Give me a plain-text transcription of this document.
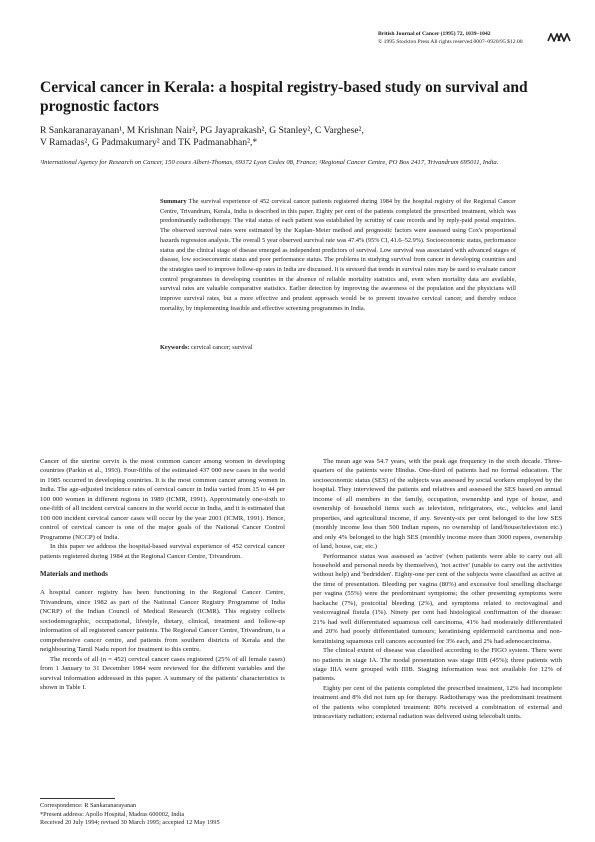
British Journal of Cancer (1995) 72, 1039–1042
© 1995 Stockton Press All rights reserved 0007–0920/95 $12.00
Cervical cancer in Kerala: a hospital registry-based study on survival and prognostic factors
R Sankaranarayanan¹, M Krishnan Nair², PG Jayaprakash², G Stanley², C Varghese²,
V Ramadas², G Padmakumary² and TK Padmanabhan²,*
¹International Agency for Research on Cancer, 150 cours Albert-Thomas, 69372 Lyon Cedex 08, France; ²Regional Cancer Centre, PO Box 2417, Trivandrum 695011, India.
Summary The survival experience of 452 cervical cancer patients registered during 1984 by the hospital registry of the Regional Cancer Centre, Trivandrum, Kerala, India is described in this paper. Eighty per cent of the patients completed the prescribed treatment, which was predominantly radiotherapy. The vital status of each patient was established by scrutiny of case records and by reply-paid postal enquiries. The observed survival rates were estimated by the Kaplan–Meier method and prognostic factors were assessed using Cox's proportional hazards regression analysis. The overall 5 year observed survival rate was 47.4% (95% CI, 41.6–52.9%). Socioeconomic status, performance status and the clinical stage of disease emerged as independent predictors of survival. Low survival was associated with advanced stages of disease, low socioeconomic status and poor performance status. The problems in studying survival from cancer in developing countries and the strategies used to improve follow-up rates in India are discussed. It is stressed that trends in survival rates may be used to evaluate cancer control programmes in developing countries in the absence of reliable mortality statistics and, even when mortality data are available, survival rates are valuable comparative statistics. Earlier detection by improving the awareness of the population and the physicians will improve survival rates, but a more effective and prudent approach would be to prevent invasive cervical cancer, and thereby reduce mortality, by implementing feasible and effective screening programmes in India.
Keywords: cervical cancer; survival

Cancer of the uterine cervix is the most common cancer among women in developing countries (Parkin et al., 1993). Four-fifths of the estimated 437 000 new cases in the world in 1985 occurred in developing countries. It is the most common cancer among women in India. The age-adjusted incidence rates of cervical cancer in India varied from 15 to 44 per 100 000 women in different regions in 1989 (ICMR, 1991). Approximately one-sixth to one-fifth of all incident cervical cancers in the world occur in India, and it is estimated that 100 000 incident cervical cancer cases will occur by the year 2001 (ICMR, 1991). Hence, control of cervical cancer is one of the major goals of the National Cancer Control Programme (NCCP) of India.

In this paper we address the hospital-based survival experience of 452 cervical cancer patients registered during 1984 at the Regional Cancer Centre, Trivandrum.

Materials and methods

A hospital cancer registry has been functioning in the Regional Cancer Centre, Trivandrum, since 1982 as part of the National Cancer Registry Programme of India (NCRP) of the Indian Council of Medical Research (ICMR). This registry collects sociodemographic, occupational, lifestyle, dietary, clinical, treatment and follow-up information of all registered cancer patients. The Regional Cancer Centre, Trivandrum, is a comprehensive cancer centre, and patients from southern districts of Kerala and the neighbouring Tamil Nadu report for treatment to this centre.

The records of all (n = 452) cervical cancer cases registered (25% of all female cases) from 1 January to 31 December 1984 were reviewed for the different variables and the survival information addressed in this paper. A summary of the patients' characteristics is shown in Table I.

Correspondence: R Sankaranarayanan
*Present address: Apollo Hospital, Madras 600002, India
Received 20 July 1994; revised 30 March 1995; accepted 12 May 1995

The mean age was 54.7 years, with the peak age frequency in the sixth decade. Three-quarters of the patients were Hindus. One-third of patients had no formal education. The socioeconomic status (SES) of the subjects was assessed by social workers employed by the hospital. They interviewed the patients and relatives and assessed the SES based on annual income of all members in the family, occupation, ownership and type of house, and ownership of household items such as television, refrigerators, etc., vehicles and land properties, and agricultural income, if any. Seventy-six per cent belonged to the low SES (monthly income less than 500 Indian rupees, no ownership of land/house/television etc.) and only 4% belonged to the high SES (monthly income more than 3000 rupees, ownership of land, house, car, etc.)

Performance status was assessed as 'active' (when patients were able to carry out all household and personal needs by themselves), 'not active' (unable to carry out the activities without help) and 'bedridden'. Eighty-one per cent of the subjects were classified as active at the time of presentation. Bleeding per vagina (80%) and excessive foul smelling discharge per vagina (55%) were the predominant symptoms; the other presenting symptoms were backache (7%), postcoital bleeding (2%), and symptoms related to rectovaginal and vesicovaginal fistula (1%). Ninety per cent had histological confirmation of the disease: 21% had well differentiated squamous cell carcinoma, 41% had moderately differentiated and 20% had poorly differentiated tumours; keratinising epidermoid carcinoma and non-keratinising squamous cell cancers accounted for 3% each, and 2% had adenocarcinoma.

The clinical extent of disease was classified according to the FIGO system. There were no patients in stage IA. The modal presentation was stage IIIB (45%); three patients with stage IIIA were grouped with IIIB. Staging information was not available for 12% of patients.

Eighty per cent of the patients completed the prescribed treatment, 12% had incomplete treatment and 8% did not turn up for therapy. Radiotherapy was the predominant treatment of the patients who completed treatment: 80% received a combination of external and intracavitary radiation; external radiation was delivered using telecobalt units.
